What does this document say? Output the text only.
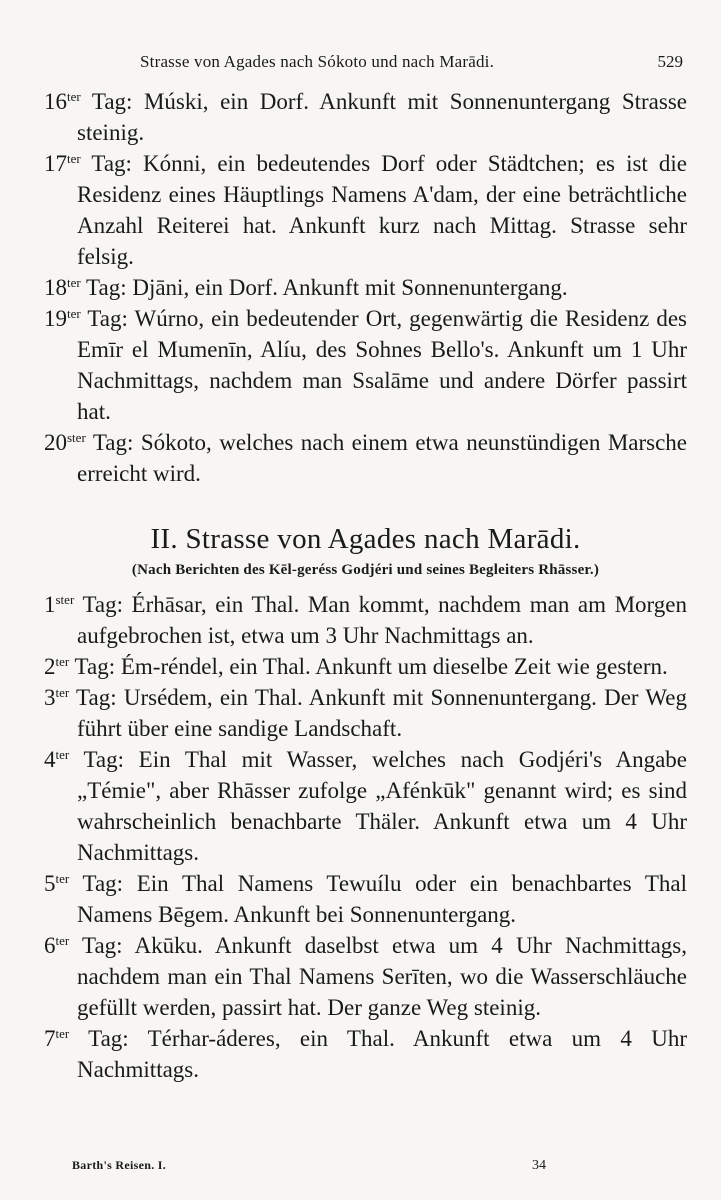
Strasse von Agades nach Sókoto und nach Marādi.	529

$16^{ter}$ Tag: Múski, ein Dorf. Ankunft mit Sonnenuntergang Strasse steinig.

$17^{ter}$ Tag: Kónni, ein bedeutendes Dorf oder Städtchen; es ist die Residenz eines Häuptlings Namens A'dam, der eine beträchtliche Anzahl Reiterei hat. Ankunft kurz nach Mittag. Strasse sehr felsig.

$18^{ter}$ Tag: Djāni, ein Dorf. Ankunft mit Sonnenuntergang.

$19^{ter}$ Tag: Wúrno, ein bedeutender Ort, gegenwärtig die Residenz des Emīr el Mumenīn, Alíu, des Sohnes Bello's. Ankunft um 1 Uhr Nachmittags, nachdem man Ssalāme und andere Dörfer passirt hat.

$20^{ster}$ Tag: Sókoto, welches nach einem etwa neunstündigen Marsche erreicht wird.

II. Strasse von Agades nach Marādi.
(Nach Berichten des Kēl-geréss Godjéri und seines Begleiters Rhāsser.)

$1^{ster}$ Tag: Érhāsar, ein Thal. Man kommt, nachdem man am Morgen aufgebrochen ist, etwa um 3 Uhr Nachmittags an.

$2^{ter}$ Tag: Ém-réndel, ein Thal. Ankunft um dieselbe Zeit wie gestern.

$3^{ter}$ Tag: Ursédem, ein Thal. Ankunft mit Sonnenuntergang. Der Weg führt über eine sandige Landschaft.

$4^{ter}$ Tag: Ein Thal mit Wasser, welches nach Godjéri's Angabe „Témie", aber Rhāsser zufolge „Afénkūk" genannt wird; es sind wahrscheinlich benachbarte Thäler. Ankunft etwa um 4 Uhr Nachmittags.

$5^{ter}$ Tag: Ein Thal Namens Tewuílu oder ein benachbartes Thal Namens Bēgem. Ankunft bei Sonnenuntergang.

$6^{ter}$ Tag: Akūku. Ankunft daselbst etwa um 4 Uhr Nachmittags, nachdem man ein Thal Namens Serīten, wo die Wasserschläuche gefüllt werden, passirt hat. Der ganze Weg steinig.

$7^{ter}$ Tag: Térhar-áderes, ein Thal. Ankunft etwa um 4 Uhr Nachmittags.

Barth's Reisen. I.	34
